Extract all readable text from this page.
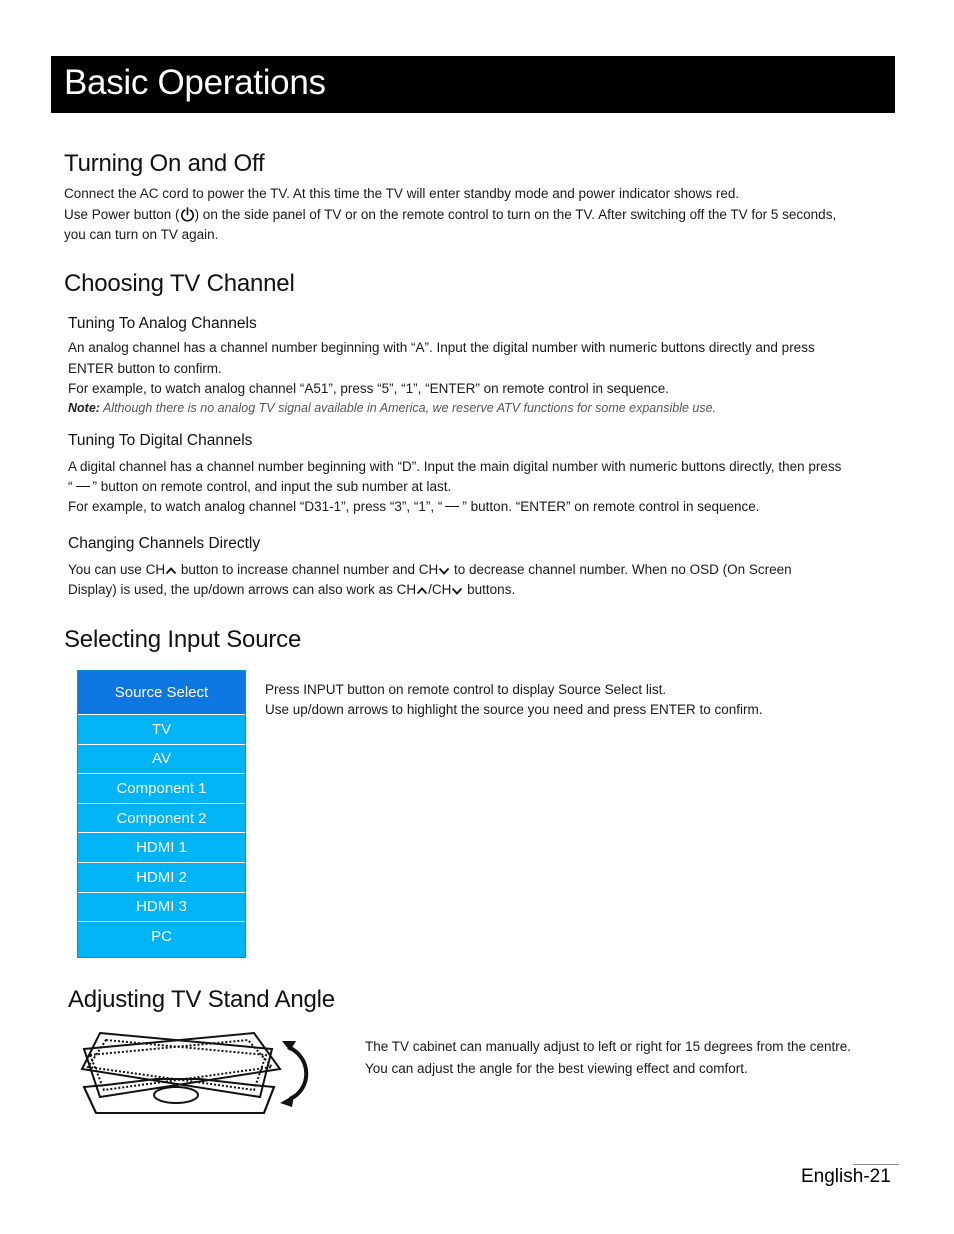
Basic Operations
Turning On and Off
Connect the AC cord to power the TV. At this time the TV will enter standby mode and power indicator shows red.
Use Power button ( ) on the side panel of TV or on the remote control to turn on the TV. After switching off the TV for 5 seconds,
you can turn on TV again.
Choosing TV Channel
Tuning To Analog Channels
An analog channel has a channel number beginning with “A”. Input the digital number with numeric buttons directly and press
ENTER button to confirm.
For example, to watch analog channel “A51”, press “5”, “1”, “ENTER” on remote control in sequence.
Note: Although there is no analog TV signal available in America, we reserve ATV functions for some expansible use.
Tuning To Digital Channels
A digital channel has a channel number beginning with “D”. Input the main digital number with numeric buttons directly, then press
“ ” button on remote control, and input the sub number at last.
For example, to watch analog channel “D31-1”, press “3”, “1”, “ ” button. “ENTER” on remote control in sequence.
Changing Channels Directly
You can use CH button to increase channel number and CH to decrease channel number. When no OSD (On Screen
Display) is used, the up/down arrows can also work as CH /CH buttons.
Selecting Input Source
Source Select
TV
AV
Component 1
Component 2
HDMI 1
HDMI 2
HDMI 3
PC
Press INPUT button on remote control to display Source Select list.
Use up/down arrows to highlight the source you need and press ENTER to confirm.
Adjusting TV Stand Angle
The TV cabinet can manually adjust to left or right for 15 degrees from the centre.
You can adjust the angle for the best viewing effect and comfort.
English-21
